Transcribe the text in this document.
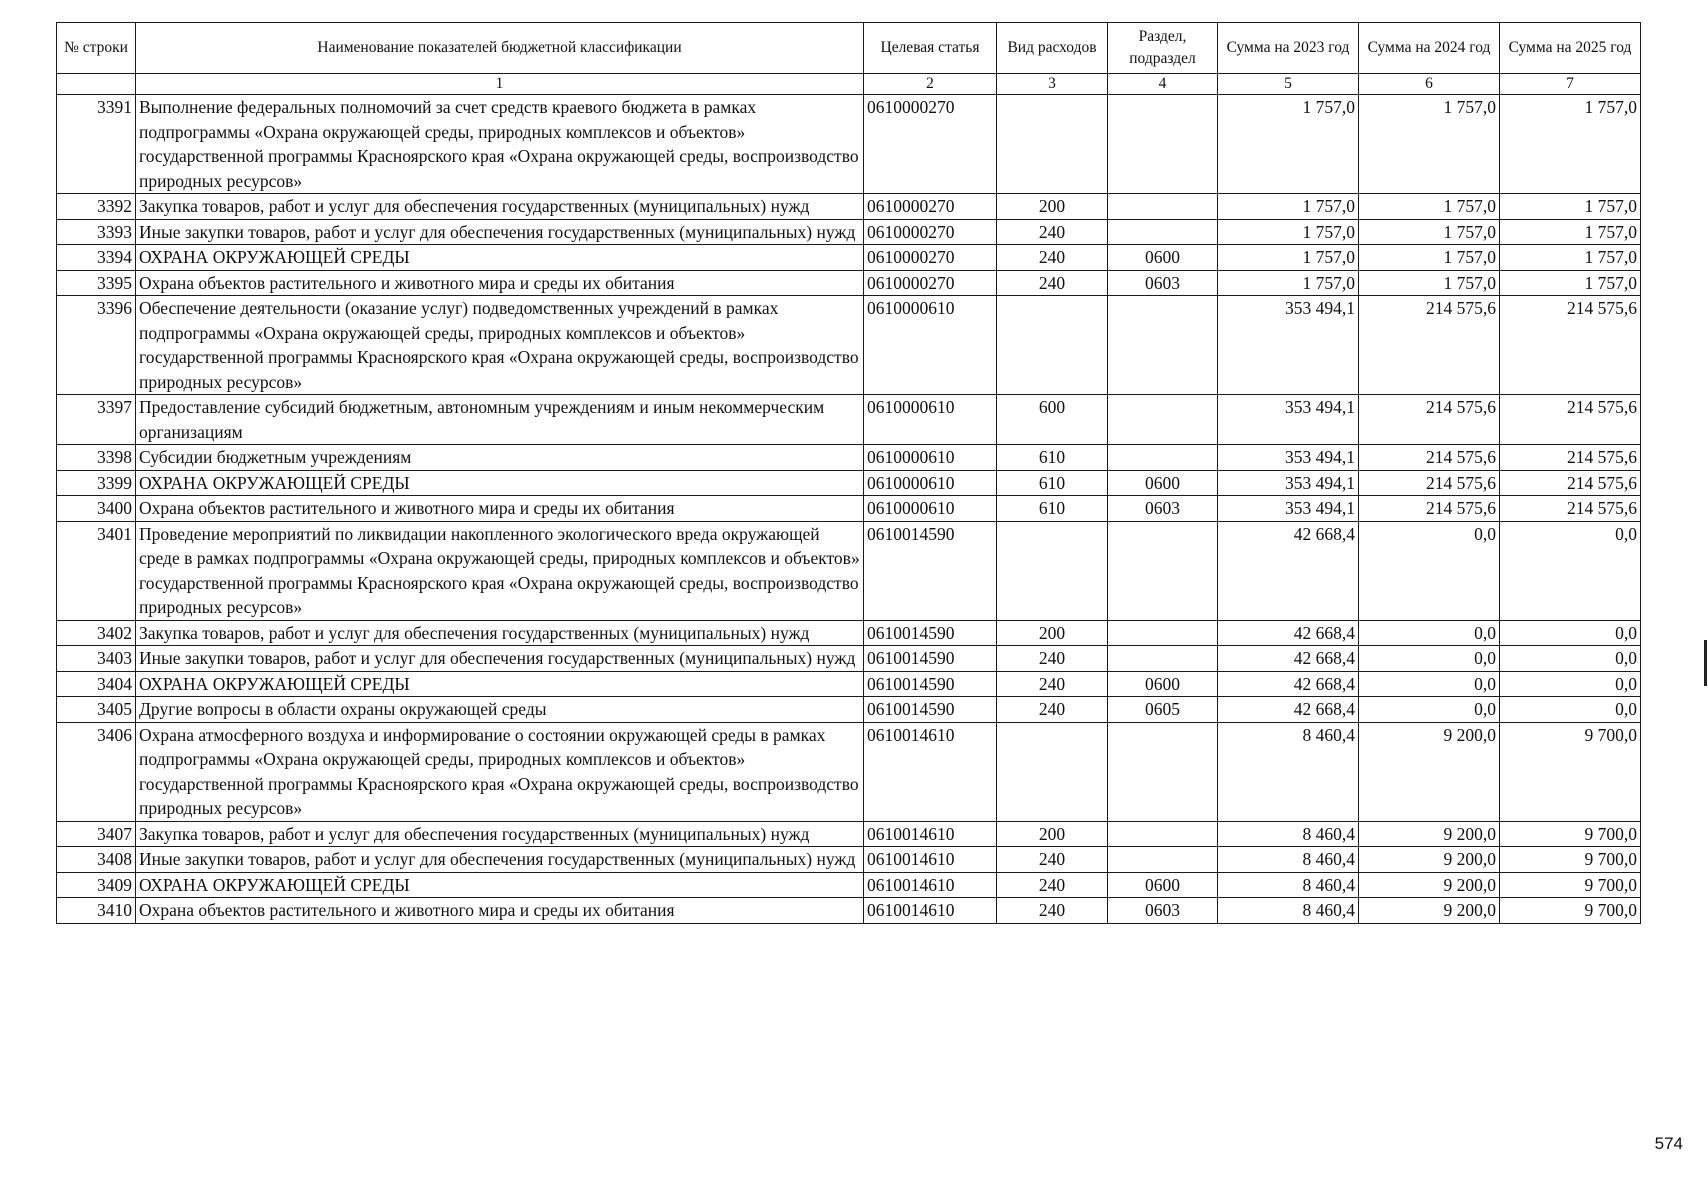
№ строки	Наименование показателей бюджетной классификации	Целевая статья	Вид расходов	Раздел, подраздел	Сумма на 2023 год	Сумма на 2024 год	Сумма на 2025 год
	1	2	3	4	5	6	7
3391	Выполнение федеральных полномочий за счет средств краевого бюджета в рамках подпрограммы «Охрана окружающей среды, природных комплексов и объектов» государственной программы Красноярского края «Охрана окружающей среды, воспроизводство природных ресурсов»	0610000270			1 757,0	1 757,0	1 757,0
3392	Закупка товаров, работ и услуг для обеспечения государственных (муниципальных) нужд	0610000270	200		1 757,0	1 757,0	1 757,0
3393	Иные закупки товаров, работ и услуг для обеспечения государственных (муниципальных) нужд	0610000270	240		1 757,0	1 757,0	1 757,0
3394	ОХРАНА ОКРУЖАЮЩЕЙ СРЕДЫ	0610000270	240	0600	1 757,0	1 757,0	1 757,0
3395	Охрана объектов растительного и животного мира и среды их обитания	0610000270	240	0603	1 757,0	1 757,0	1 757,0
3396	Обеспечение деятельности (оказание услуг) подведомственных учреждений в рамках подпрограммы «Охрана окружающей среды, природных комплексов и объектов» государственной программы Красноярского края «Охрана окружающей среды, воспроизводство природных ресурсов»	0610000610			353 494,1	214 575,6	214 575,6
3397	Предоставление субсидий бюджетным, автономным учреждениям и иным некоммерческим организациям	0610000610	600		353 494,1	214 575,6	214 575,6
3398	Субсидии бюджетным учреждениям	0610000610	610		353 494,1	214 575,6	214 575,6
3399	ОХРАНА ОКРУЖАЮЩЕЙ СРЕДЫ	0610000610	610	0600	353 494,1	214 575,6	214 575,6
3400	Охрана объектов растительного и животного мира и среды их обитания	0610000610	610	0603	353 494,1	214 575,6	214 575,6
3401	Проведение мероприятий по ликвидации накопленного экологического вреда окружающей среде в рамках подпрограммы «Охрана окружающей среды, природных комплексов и объектов» государственной программы Красноярского края «Охрана окружающей среды, воспроизводство природных ресурсов»	0610014590			42 668,4	0,0	0,0
3402	Закупка товаров, работ и услуг для обеспечения государственных (муниципальных) нужд	0610014590	200		42 668,4	0,0	0,0
3403	Иные закупки товаров, работ и услуг для обеспечения государственных (муниципальных) нужд	0610014590	240		42 668,4	0,0	0,0
3404	ОХРАНА ОКРУЖАЮЩЕЙ СРЕДЫ	0610014590	240	0600	42 668,4	0,0	0,0
3405	Другие вопросы в области охраны окружающей среды	0610014590	240	0605	42 668,4	0,0	0,0
3406	Охрана атмосферного воздуха и информирование о состоянии окружающей среды в рамках подпрограммы «Охрана окружающей среды, природных комплексов и объектов» государственной программы Красноярского края «Охрана окружающей среды, воспроизводство природных ресурсов»	0610014610			8 460,4	9 200,0	9 700,0
3407	Закупка товаров, работ и услуг для обеспечения государственных (муниципальных) нужд	0610014610	200		8 460,4	9 200,0	9 700,0
3408	Иные закупки товаров, работ и услуг для обеспечения государственных (муниципальных) нужд	0610014610	240		8 460,4	9 200,0	9 700,0
3409	ОХРАНА ОКРУЖАЮЩЕЙ СРЕДЫ	0610014610	240	0600	8 460,4	9 200,0	9 700,0
3410	Охрана объектов растительного и животного мира и среды их обитания	0610014610	240	0603	8 460,4	9 200,0	9 700,0
574
